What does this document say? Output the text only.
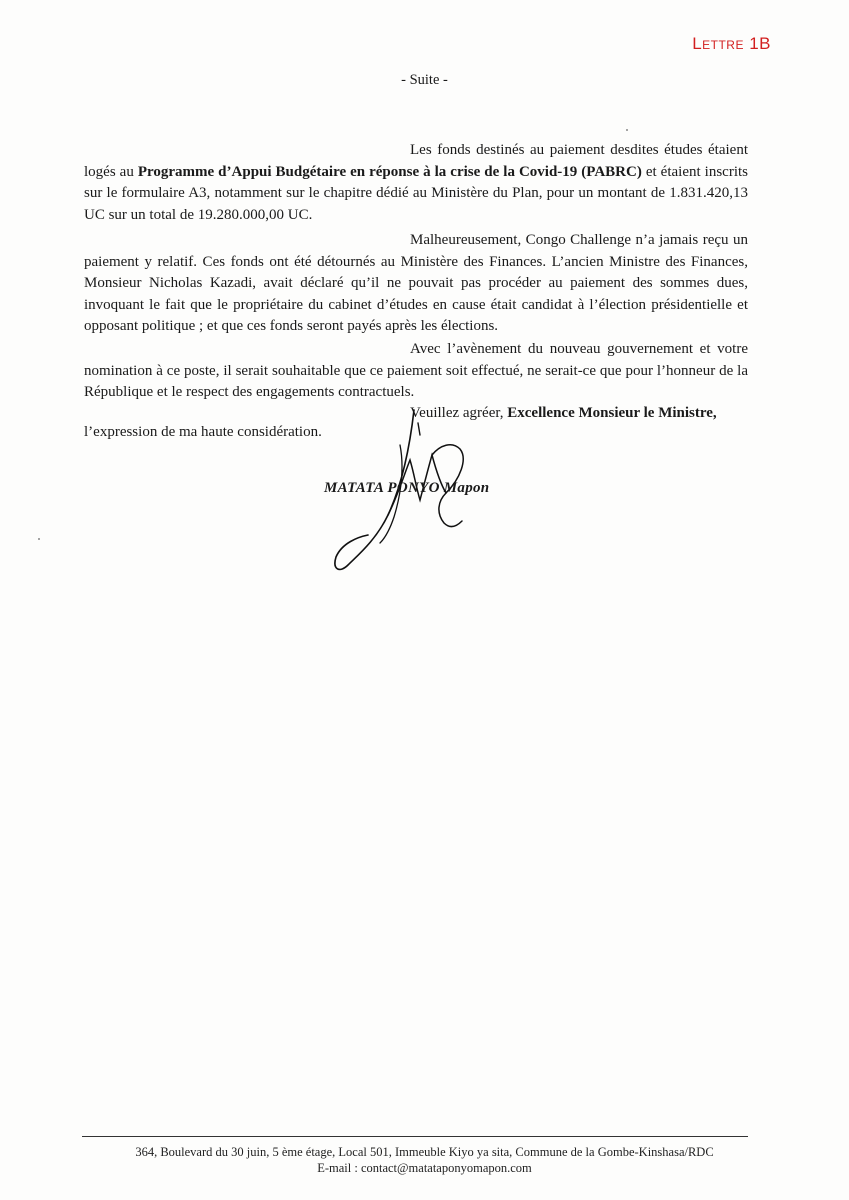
Lettre 1B
- Suite -

Les fonds destinés au paiement desdites études étaient logés au Programme d’Appui Budgétaire en réponse à la crise de la Covid-19 (PABRC) et étaient inscrits sur le formulaire A3, notamment sur le chapitre dédié au Ministère du Plan, pour un montant de 1.831.420,13 UC sur un total de 19.280.000,00 UC.

Malheureusement, Congo Challenge n’a jamais reçu un paiement y relatif. Ces fonds ont été détournés au Ministère des Finances. L’ancien Ministre des Finances, Monsieur Nicholas Kazadi, avait déclaré qu’il ne pouvait pas procéder au paiement des sommes dues, invoquant le fait que le propriétaire du cabinet d’études en cause était candidat à l’élection présidentielle et opposant politique ; et que ces fonds seront payés après les élections.

Avec l’avènement du nouveau gouvernement et votre nomination à ce poste, il serait souhaitable que ce paiement soit effectué, ne serait-ce que pour l’honneur de la République et le respect des engagements contractuels.

Veuillez agréer, Excellence Monsieur le Ministre,

l’expression de ma haute considération.
MATATA PONYO Mapon
364, Boulevard du 30 juin, 5 ème étage, Local 501, Immeuble Kiyo ya sita, Commune de la Gombe-Kinshasa/RDC
E-mail : contact@matataponyomapon.com
